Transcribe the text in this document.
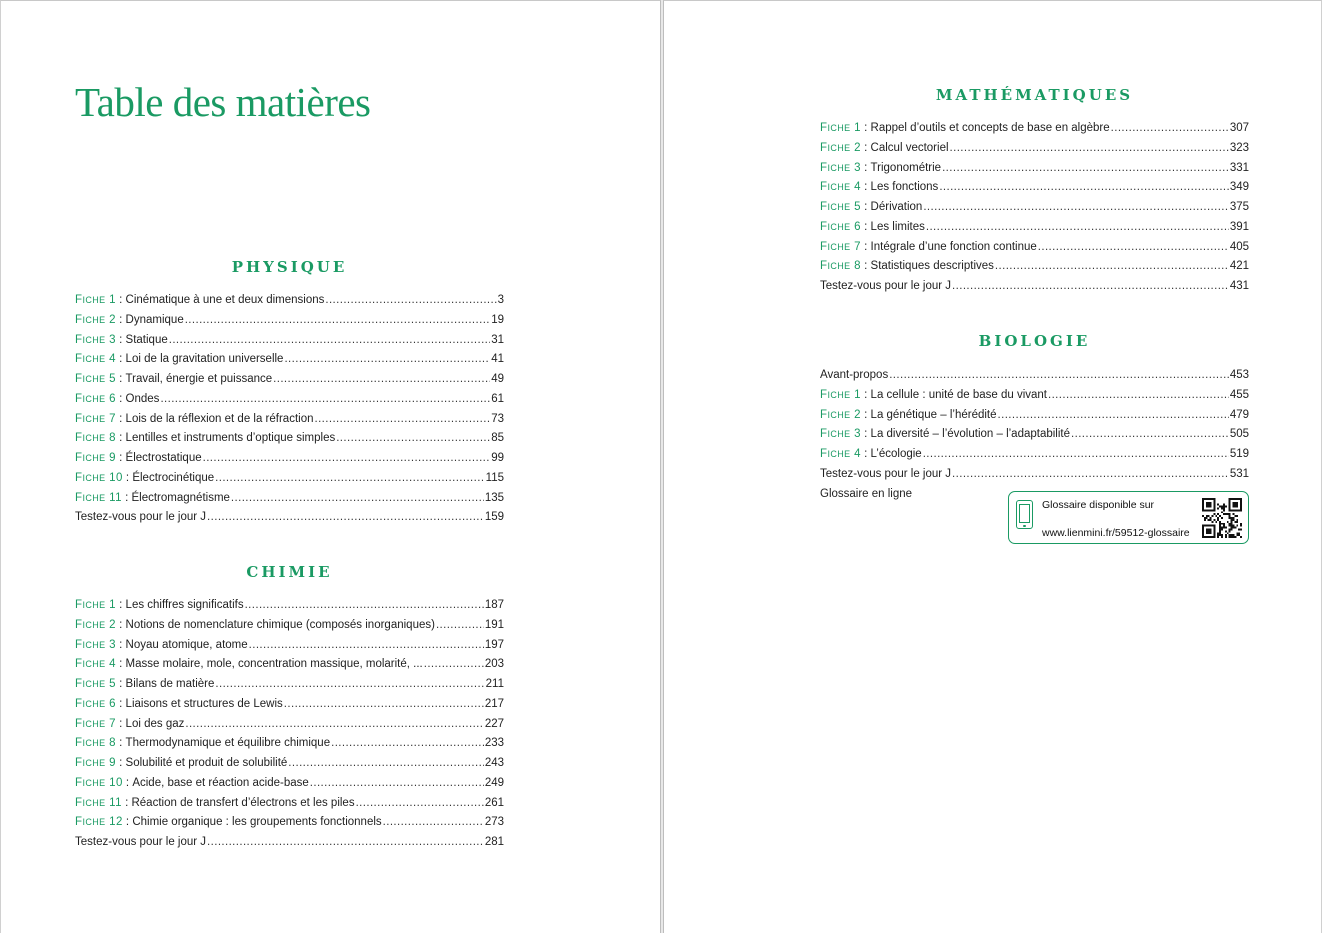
Table des matières
PHYSIQUE
FICHE 1 : Cinématique à une et deux dimensions . . .	3
FICHE 2 : Dynamique . . .	19
FICHE 3 : Statique . . .	31
FICHE 4 : Loi de la gravitation universelle . . .	41
FICHE 5 : Travail, énergie et puissance . . .	49
FICHE 6 : Ondes . . .	61
FICHE 7 : Lois de la réflexion et de la réfraction . . .	73
FICHE 8 : Lentilles et instruments d’optique simples . . .	85
FICHE 9 : Électrostatique . . .	99
FICHE 10 : Électrocinétique . . .	115
FICHE 11 : Électromagnétisme . . .	135
Testez-vous pour le jour J . . .	159
CHIMIE
FICHE 1 : Les chiffres significatifs . . .	187
FICHE 2 : Notions de nomenclature chimique (composés inorganiques) . . .	191
FICHE 3 : Noyau atomique, atome . . .	197
FICHE 4 : Masse molaire, mole, concentration massique, molarité, ... . . .	203
FICHE 5 : Bilans de matière . . .	211
FICHE 6 : Liaisons et structures de Lewis . . .	217
FICHE 7 : Loi des gaz . . .	227
FICHE 8 : Thermodynamique et équilibre chimique . . .	233
FICHE 9 : Solubilité et produit de solubilité . . .	243
FICHE 10 : Acide, base et réaction acide-base . . .	249
FICHE 11 : Réaction de transfert d’électrons et les piles . . .	261
FICHE 12 : Chimie organique : les groupements fonctionnels . . .	273
Testez-vous pour le jour J . . .	281
MATHÉMATIQUES
FICHE 1 : Rappel d’outils et concepts de base en algèbre . . .	307
FICHE 2 : Calcul vectoriel . . .	323
FICHE 3 : Trigonométrie . . .	331
FICHE 4 : Les fonctions . . .	349
FICHE 5 : Dérivation . . .	375
FICHE 6 : Les limites . . .	391
FICHE 7 : Intégrale d’une fonction continue . . .	405
FICHE 8 : Statistiques descriptives . . .	421
Testez-vous pour le jour J . . .	431
BIOLOGIE
Avant-propos . . .	453
FICHE 1 : La cellule : unité de base du vivant . . .	455
FICHE 2 : La génétique – l’hérédité . . .	479
FICHE 3 : La diversité – l’évolution – l’adaptabilité . . .	505
FICHE 4 : L’écologie . . .	519
Testez-vous pour le jour J . . .	531
Glossaire en ligne
Glossaire disponible sur
www.lienmini.fr/59512-glossaire
